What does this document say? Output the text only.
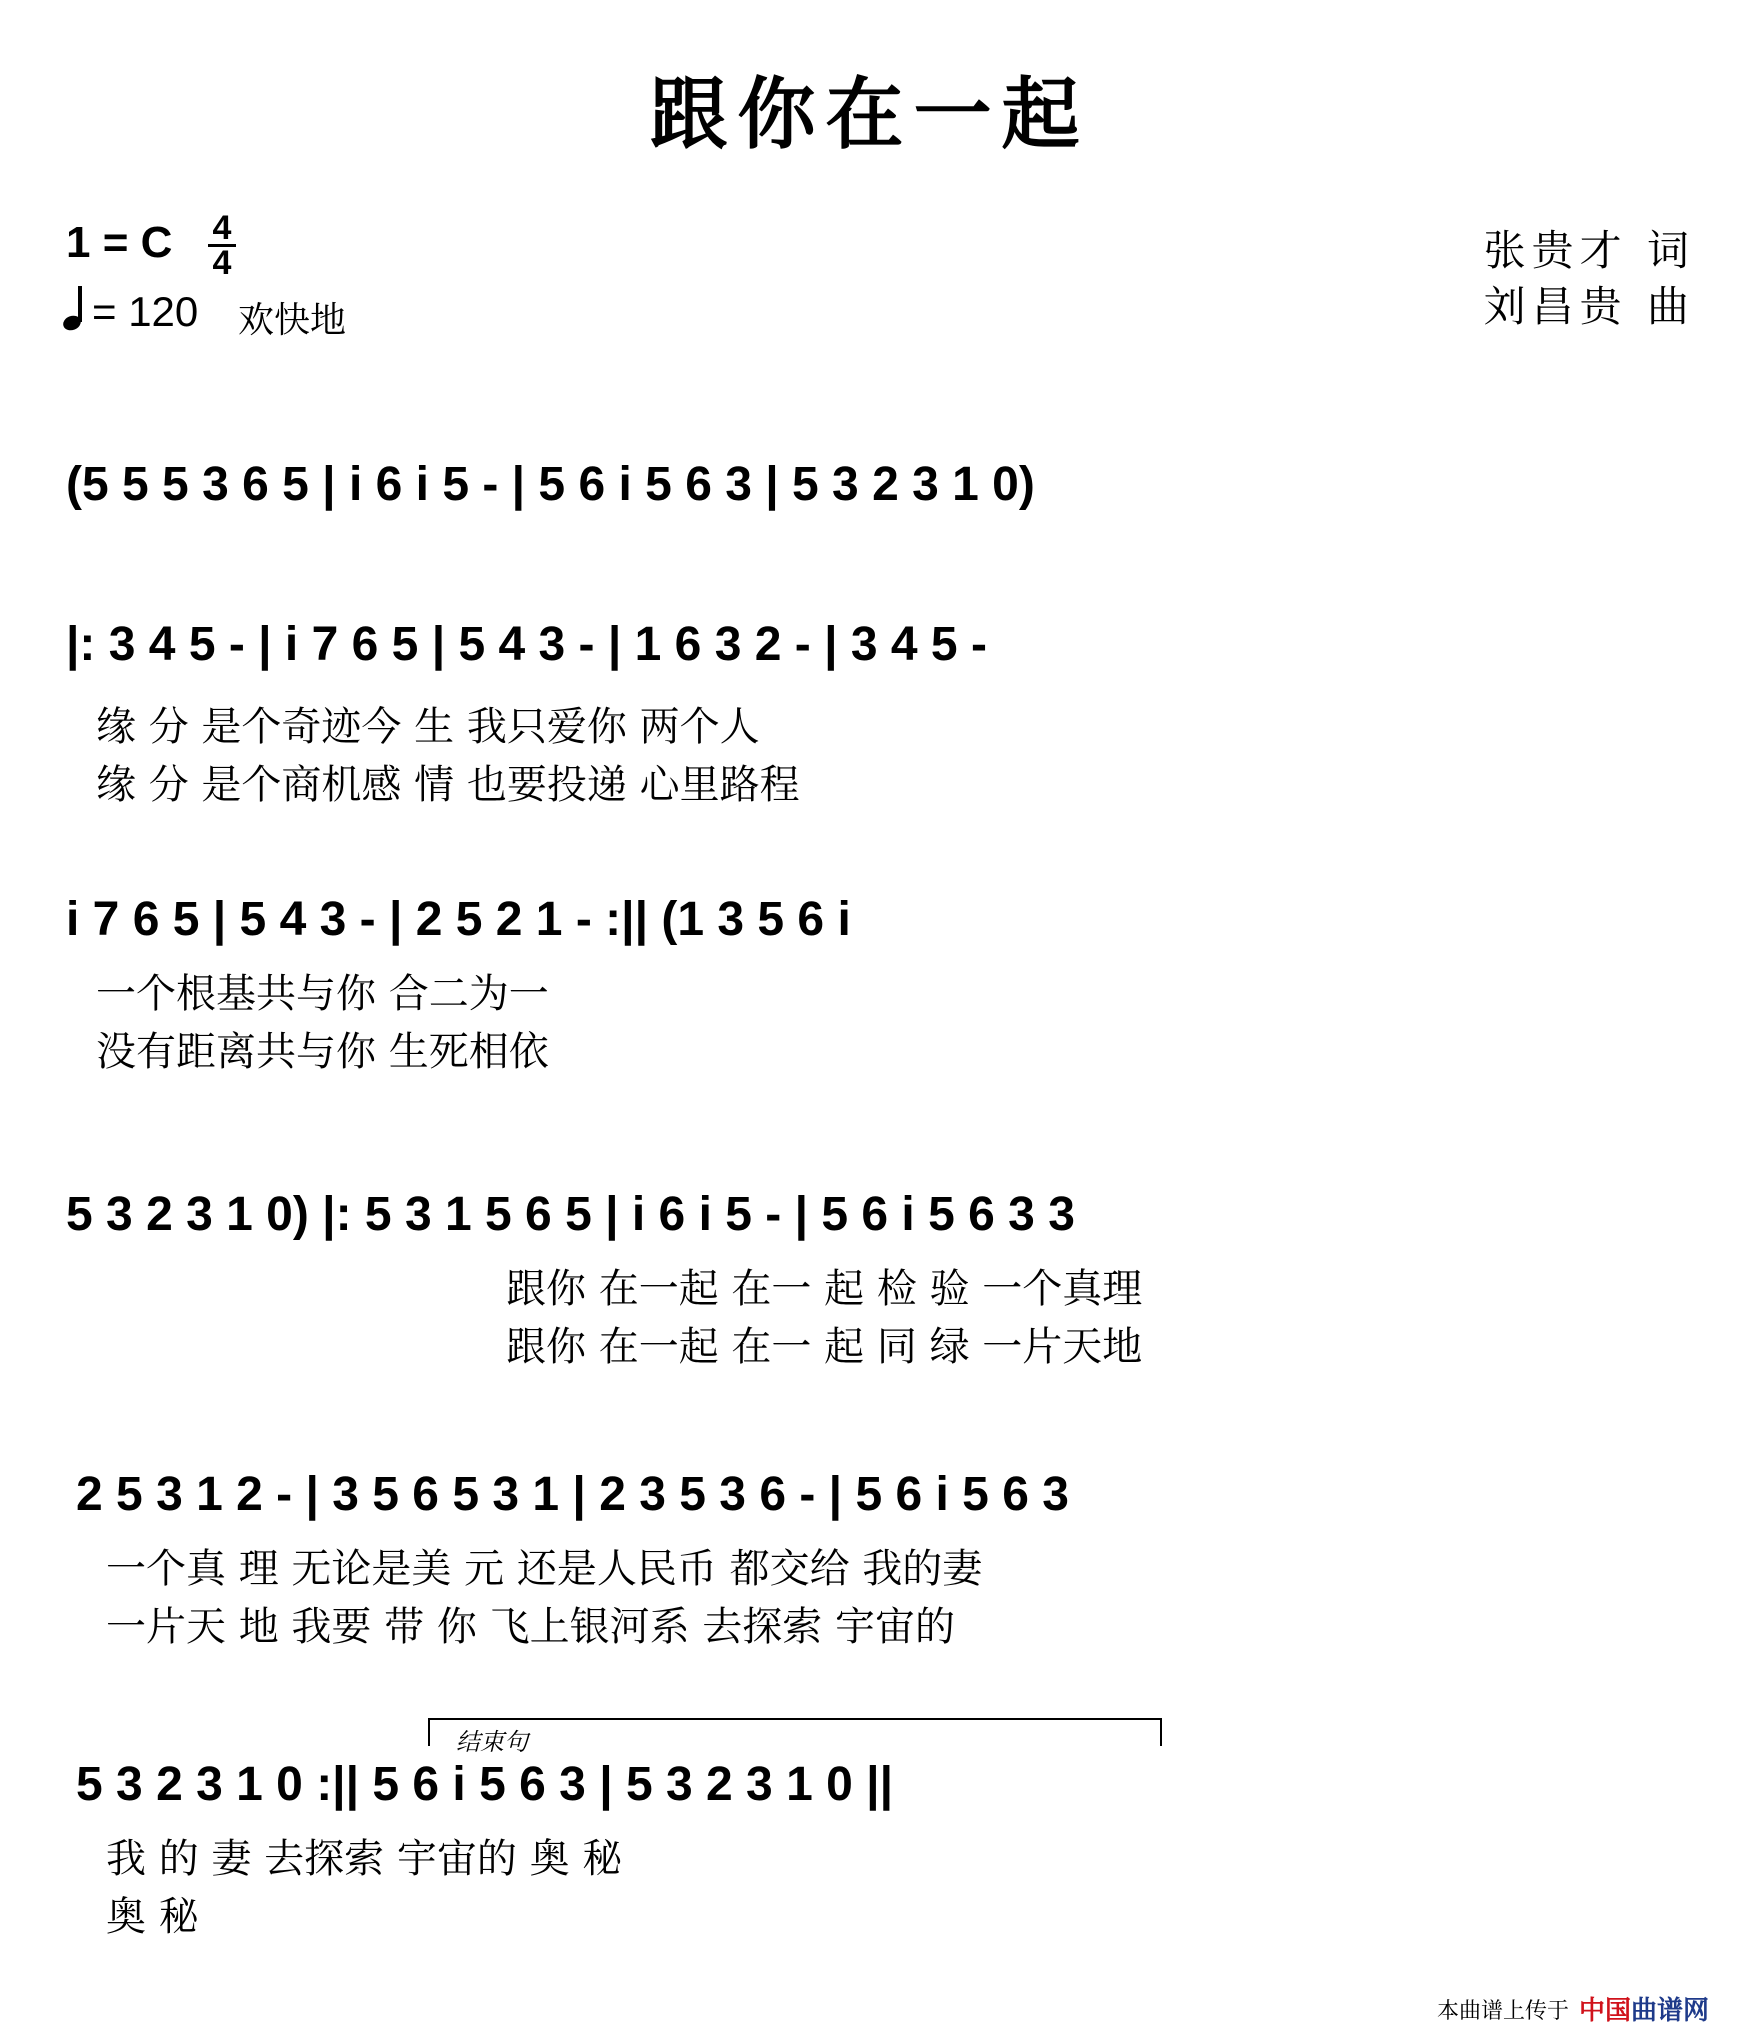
跟你在一起
1 = C 4
4
= 120 欢快地
张贵才 词
刘昌贵 曲
(5 5 5 3 6 5 | i 6 i 5 - | 5 6 i 5 6 3 | 5 3 2 3 1 0)
|: 3 4 5 - | i 7 6 5 | 5 4 3 - | 1 6 3 2 - | 3 4 5 -
缘 分 是个奇迹今 生 我只爱你 两个人
缘 分 是个商机感 情 也要投递 心里路程
i 7 6 5 | 5 4 3 - | 2 5 2 1 - :|| (1 3 5 6 i
一个根基共与你 合二为一
没有距离共与你 生死相依
5 3 2 3 1 0) |: 5 3 1 5 6 5 | i 6 i 5 - | 5 6 i 5 6 3 3
跟你 在一起 在一 起 检 验 一个真理
跟你 在一起 在一 起 同 绿 一片天地
2 5 3 1 2 - | 3 5 6 5 3 1 | 2 3 5 3 6 - | 5 6 i 5 6 3
一个真 理 无论是美 元 还是人民币 都交给 我的妻
一片天 地 我要 带 你 飞上银河系 去探索 宇宙的
5 3 2 3 1 0 :|| 5 6 i 5 6 3 | 5 3 2 3 1 0 ||
我 的 妻 去探索 宇宙的 奥 秘
奥 秘
结束句
本曲谱上传于 中国曲谱网
